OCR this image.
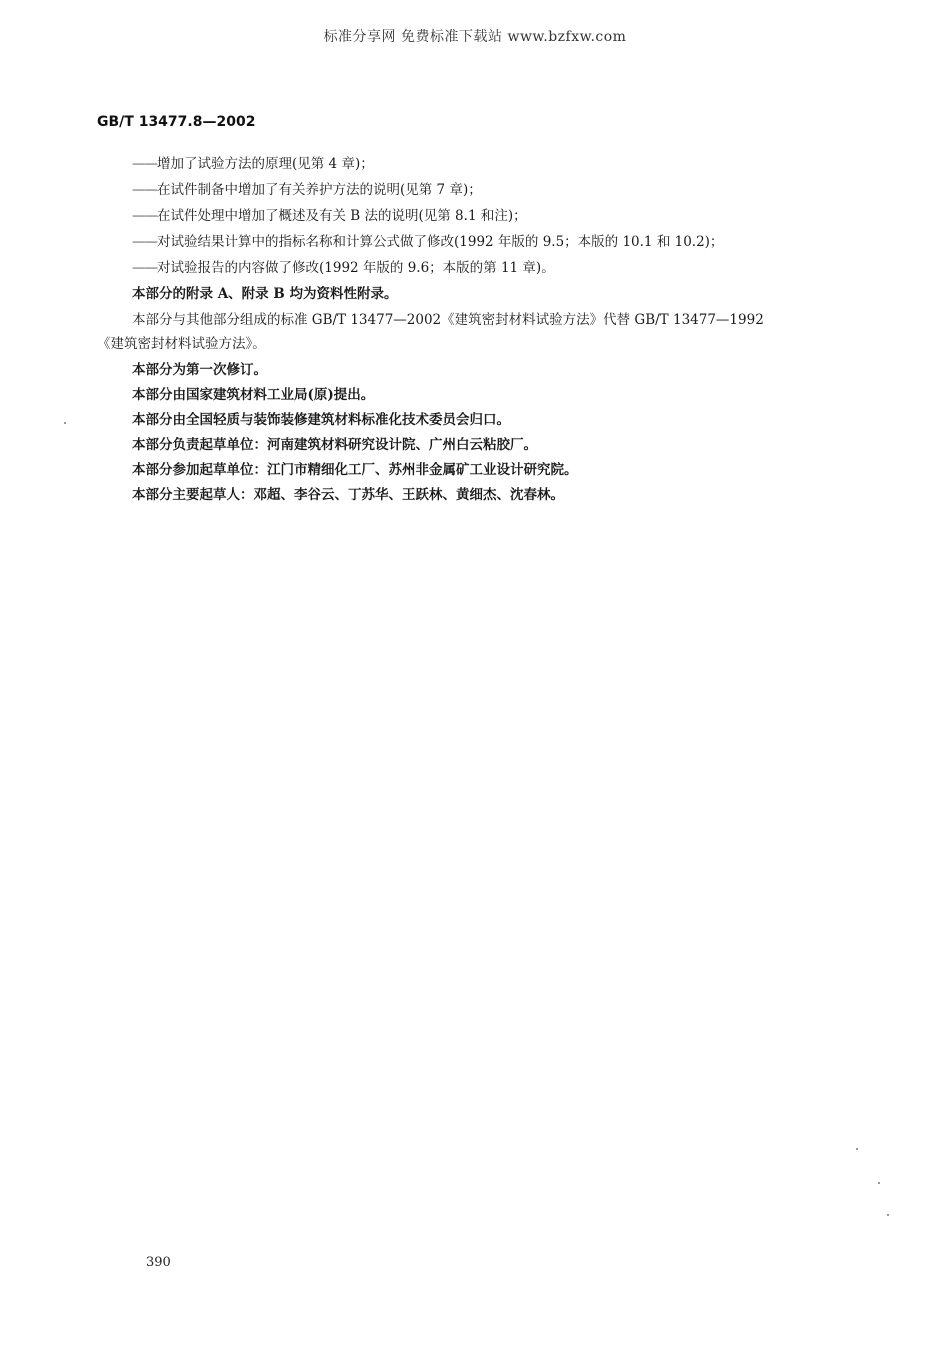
标准分享网 免费标准下载站 www.bzfxw.com
GB/T 13477.8—2002
——增加了试验方法的原理(见第 4 章)；
——在试件制备中增加了有关养护方法的说明(见第 7 章)；
——在试件处理中增加了概述及有关 B 法的说明(见第 8.1 和注)；
——对试验结果计算中的指标名称和计算公式做了修改(1992 年版的 9.5；本版的 10.1 和 10.2)；
——对试验报告的内容做了修改(1992 年版的 9.6；本版的第 11 章)。
本部分的附录 A、附录 B 均为资料性附录。
本部分与其他部分组成的标准 GB/T 13477—2002《建筑密封材料试验方法》代替 GB/T 13477—1992
《建筑密封材料试验方法》。
本部分为第一次修订。
本部分由国家建筑材料工业局(原)提出。
本部分由全国轻质与装饰装修建筑材料标准化技术委员会归口。
本部分负责起草单位：河南建筑材料研究设计院、广州白云粘胶厂。
本部分参加起草单位：江门市精细化工厂、苏州非金属矿工业设计研究院。
本部分主要起草人：邓超、李谷云、丁苏华、王跃林、黄细杰、沈春林。
390
